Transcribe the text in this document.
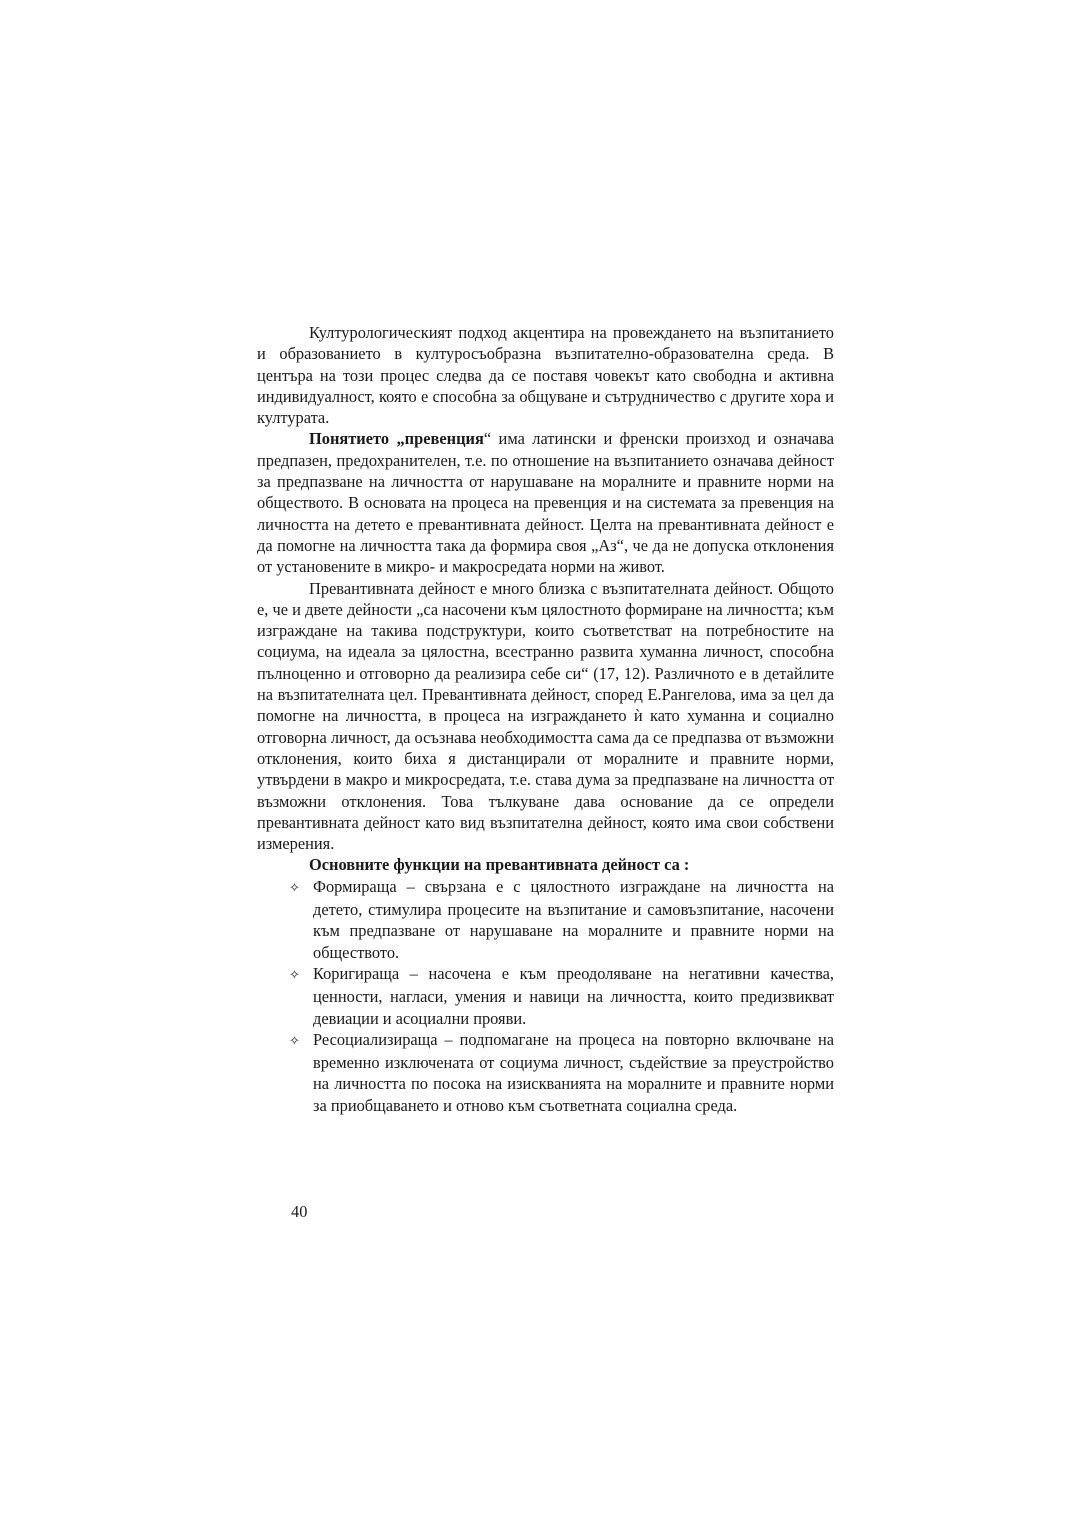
Културологическият подход акцентира на провеждането на възпитанието и образованието в културосъобразна възпитателно-образователна среда. В центъра на този процес следва да се поставя човекът като свободна и активна индивидуалност, която е способна за общуване и сътрудничество с другите хора и културата.

Понятието „превенция“ има латински и френски произход и означава предпазен, предохранителен, т.е. по отношение на възпитанието означава дейност за предпазване на личността от нарушаване на моралните и правните норми на обществото. В основата на процеса на превенция и на системата за превенция на личността на детето е превантивната дейност. Целта на превантивната дейност е да помогне на личността така да формира своя „Аз“, че да не допуска отклонения от установените в микро- и макросредата норми на живот.

Превантивната дейност е много близка с възпитателната дейност. Общото е, че и двете дейности „са насочени към цялостното формиране на личността; към изграждане на такива подструктури, които съответстват на потребностите на социума, на идеала за цялостна, всестранно развита хуманна личност, способна пълноценно и отговорно да реализира себе си“ (17, 12). Различното е в детайлите на възпитателната цел. Превантивната дейност, според Е.Рангелова, има за цел да помогне на личността, в процеса на изграждането ѝ като хуманна и социално отговорна личност, да осъзнава необходимостта сама да се предпазва от възможни отклонения, които биха я дистанцирали от моралните и правните норми, утвърдени в макро и микросредата, т.е. става дума за предпазване на личността от възможни отклонения. Това тълкуване дава основание да се определи превантивната дейност като вид възпитателна дейност, която има свои собствени измерения.

Основните функции на превантивната дейност са :

✧ Формираща – свързана е с цялостното изграждане на личността на детето, стимулира процесите на възпитание и самовъзпитание, насочени към предпазване от нарушаване на моралните и правните норми на обществото.
✧ Коригираща – насочена е към преодоляване на негативни качества, ценности, нагласи, умения и навици на личността, които предизвикват девиации и асоциални прояви.
✧ Ресоциализираща – подпомагане на процеса на повторно включване на временно изключената от социума личност, съдействие за преустройство на личността по посока на изискванията на моралните и правните норми за приобщаването и отново към съответната социална среда.
40
